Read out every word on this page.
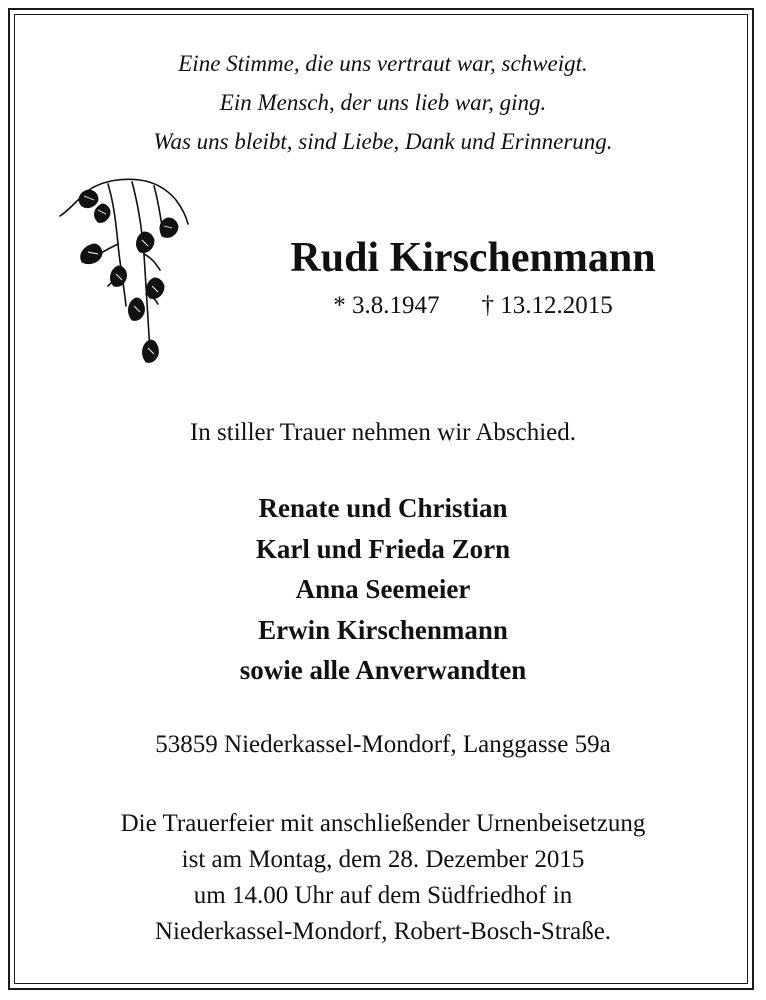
Eine Stimme, die uns vertraut war, schweigt.
Ein Mensch, der uns lieb war, ging.
Was uns bleibt, sind Liebe, Dank und Erinnerung.
Rudi Kirschenmann
* 3.8.1947 † 13.12.2015
In stiller Trauer nehmen wir Abschied.
Renate und Christian
Karl und Frieda Zorn
Anna Seemeier
Erwin Kirschenmann
sowie alle Anverwandten
53859 Niederkassel-Mondorf, Langgasse 59a
Die Trauerfeier mit anschließender Urnenbeisetzung
ist am Montag, dem 28. Dezember 2015
um 14.00 Uhr auf dem Südfriedhof in
Niederkassel-Mondorf, Robert-Bosch-Straße.
